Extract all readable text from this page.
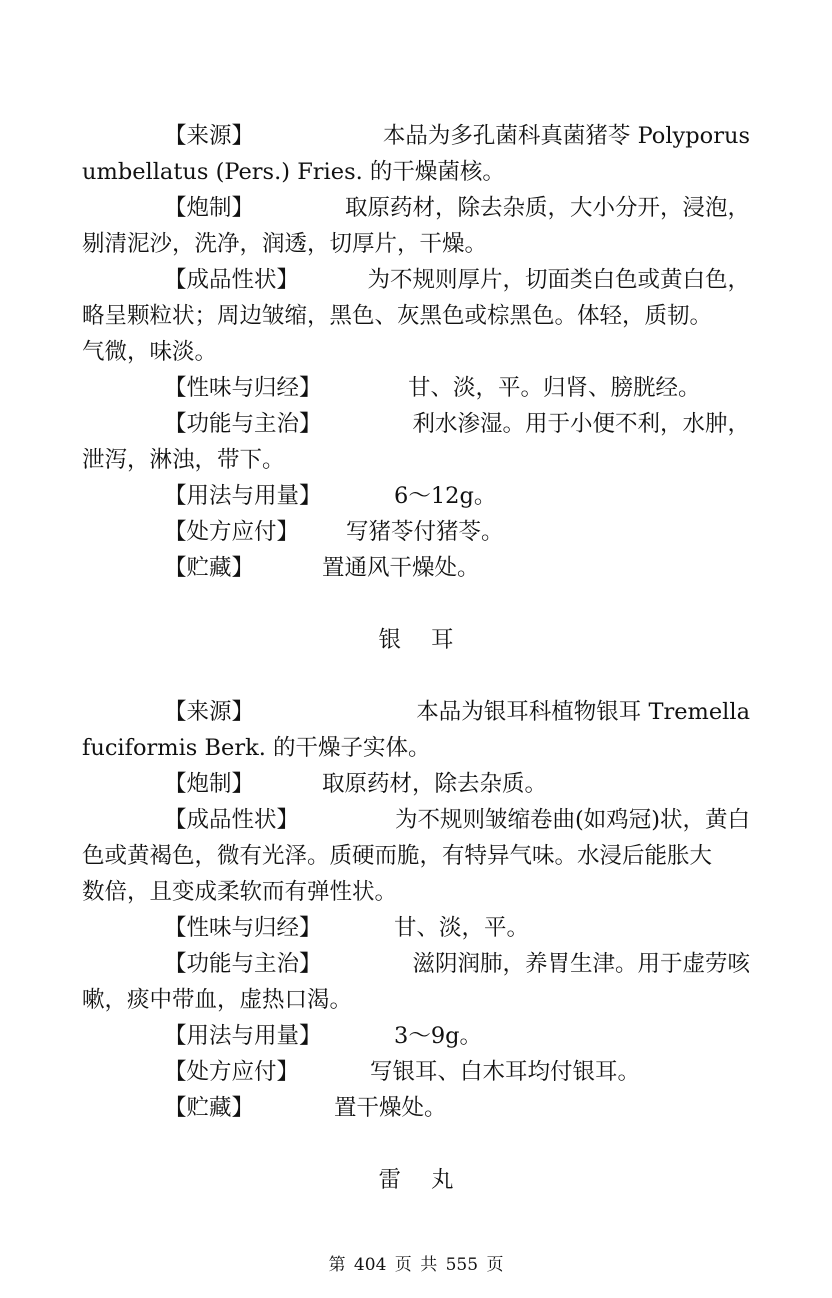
【来源】	本品为多孔菌科真菌猪苓 Polyporus
umbellatus (Pers.) Fries. 的干燥菌核。
【炮制】	取原药材，除去杂质，大小分开，浸泡，
剔清泥沙，洗净，润透，切厚片，干燥。
【成品性状】	为不规则厚片，切面类白色或黄白色，
略呈颗粒状；周边皱缩，黑色、灰黑色或棕黑色。体轻，质韧。
气微，味淡。
【性味与归经】	甘、淡，平。归肾、膀胱经。
【功能与主治】	利水渗湿。用于小便不利，水肿，
泄泻，淋浊，带下。
【用法与用量】	6～12g。
【处方应付】 写猪苓付猪苓。
【贮藏】	置通风干燥处。
银耳
【来源】	本品为银耳科植物银耳 Tremella
fuciformis Berk. 的干燥子实体。
【炮制】	取原药材，除去杂质。
【成品性状】	为不规则皱缩卷曲(如鸡冠)状，黄白
色或黄褐色，微有光泽。质硬而脆，有特异气味。水浸后能胀大
数倍，且变成柔软而有弹性状。
【性味与归经】	甘、淡，平。
【功能与主治】	滋阴润肺，养胃生津。用于虚劳咳
嗽，痰中带血，虚热口渴。
【用法与用量】	3～9g。
【处方应付】	写银耳、白木耳均付银耳。
【贮藏】	置干燥处。
雷丸
第 404 页 共 555 页
